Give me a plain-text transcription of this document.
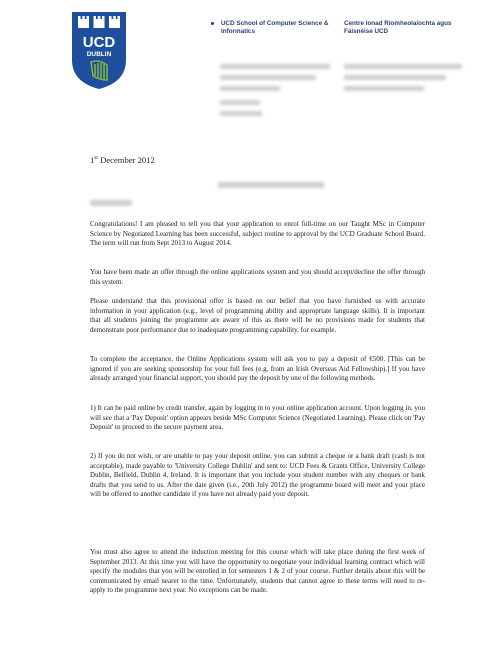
UCD
DUBLIN
UCD School of Computer Science & Informatics
Centre Ionad Ríomheolaíochta agus Fáisnéise UCD
1st December 2012

Congratulations! I am pleased to tell you that your application to enrol full-time on our Taught MSc in Computer Science by Negotiated Learning has been successful, subject routine to approval by the UCD Graduate School Board. The term will run from Sept 2013 to August 2014.

You have been made an offer through the online applications system and you should accept/decline the offer through this system.

Please understand that this provisional offer is based on our belief that you have furnished us with accurate information in your application (e.g., level of programming ability and appropriate language skills). It is important that all students joining the programme are aware of this as there will be no provisions made for students that demonstrate poor performance due to inadequate programming capability, for example.

To complete the acceptance, the Online Applications system will ask you to pay a deposit of €500. [This can be ignored if you are seeking sponsorship for your full fees (e.g. from an Irish Overseas Aid Fellowship).] If you have already arranged your financial support, you should pay the deposit by one of the following methods.

1) It can be paid online by credit transfer, again by logging in to your online application account. Upon logging in, you will see that a 'Pay Deposit' option appears beside MSc Computer Science (Negotiated Learning). Please click on 'Pay Deposit' to proceed to the secure payment area.

2) If you do not wish, or are unable to pay your deposit online, you can submit a cheque or a bank draft (cash is not acceptable), made payable to 'University College Dublin' and sent to: UCD Fees & Grants Office, University College Dublin, Belfield, Dublin 4, Ireland. It is important that you include your student number with any cheques or bank drafts that you send to us. After the date given (i.e., 20th July 2012) the programme board will meet and your place will be offered to another candidate if you have not already paid your deposit.

You must also agree to attend the induction meeting for this course which will take place during the first week of September 2013. At this time you will have the opportunity to negotiate your individual learning contract which will specify the modules that you will be enrolled in for semesters 1 & 2 of your course. Further details about this will be communicated by email nearer to the time. Unfortunately, students that cannot agree to these terms will need to re-apply to the programme next year. No exceptions can be made.
